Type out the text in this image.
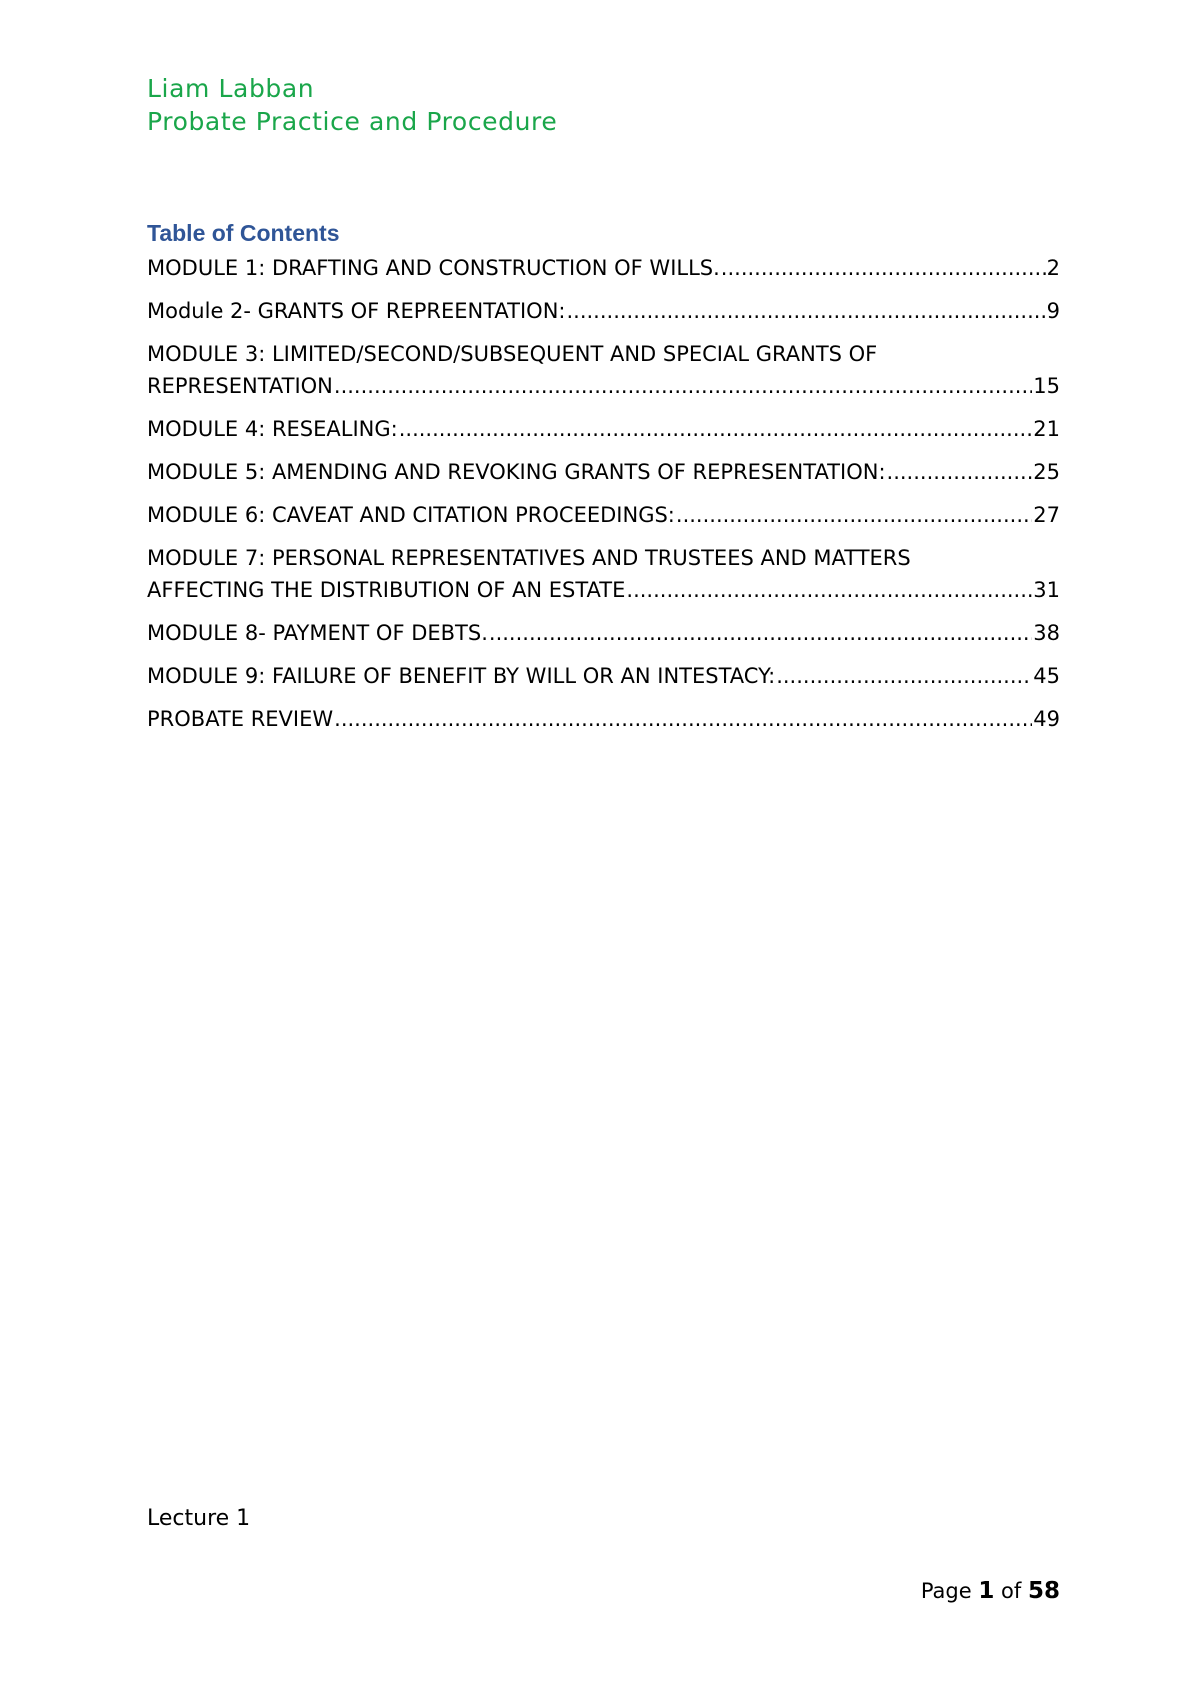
Liam Labban
Probate Practice and Procedure
Table of Contents
MODULE 1: DRAFTING AND CONSTRUCTION OF WILLS. .....	2
Module 2- GRANTS OF REPREENTATION: .....	9
MODULE 3: LIMITED/SECOND/SUBSEQUENT AND SPECIAL GRANTS OF
REPRESENTATION .....	15
MODULE 4: RESEALING: .....	21
MODULE 5: AMENDING AND REVOKING GRANTS OF REPRESENTATION: .....	25
MODULE 6: CAVEAT AND CITATION PROCEEDINGS: .....	27
MODULE 7: PERSONAL REPRESENTATIVES AND TRUSTEES AND MATTERS
AFFECTING THE DISTRIBUTION OF AN ESTATE .....	31
MODULE 8- PAYMENT OF DEBTS. .....	38
MODULE 9: FAILURE OF BENEFIT BY WILL OR AN INTESTACY: .....	45
PROBATE REVIEW .....	49
Lecture 1
Page 1 of 58
